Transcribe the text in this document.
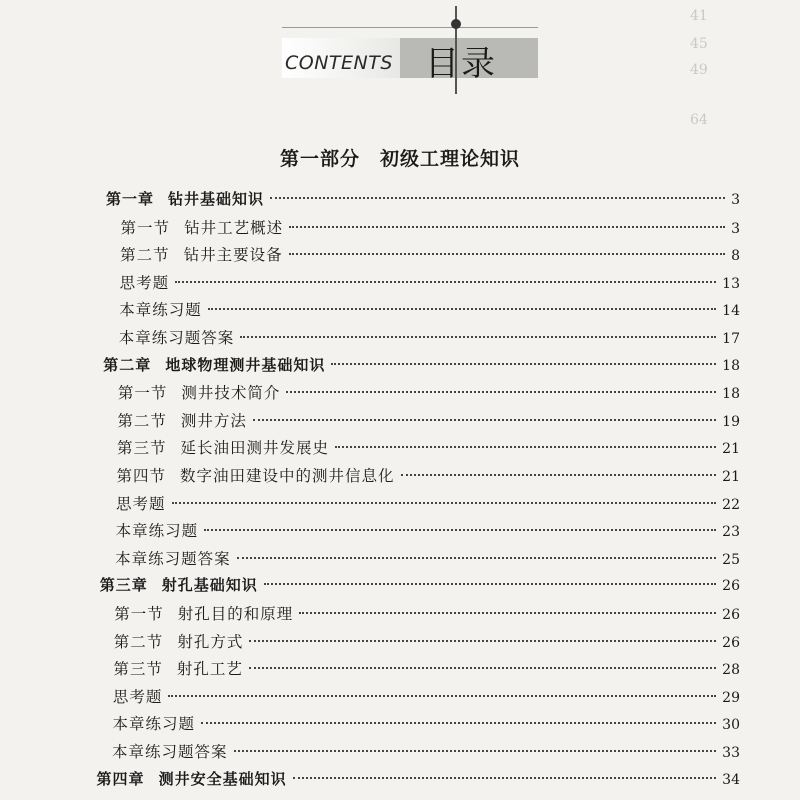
41
45
49
64
CONTENTS 目录
第一部分　初级工理论知识
第一章 钻井基础知识	3
第一节 钻井工艺概述	3
第二节 钻井主要设备	8
思考题	13
本章练习题	14
本章练习题答案	17
第二章 地球物理测井基础知识	18
第一节 测井技术简介	18
第二节 测井方法	19
第三节 延长油田测井发展史	21
第四节 数字油田建设中的测井信息化	21
思考题	22
本章练习题	23
本章练习题答案	25
第三章 射孔基础知识	26
第一节 射孔目的和原理	26
第二节 射孔方式	26
第三节 射孔工艺	28
思考题	29
本章练习题	30
本章练习题答案	33
第四章 测井安全基础知识	34
